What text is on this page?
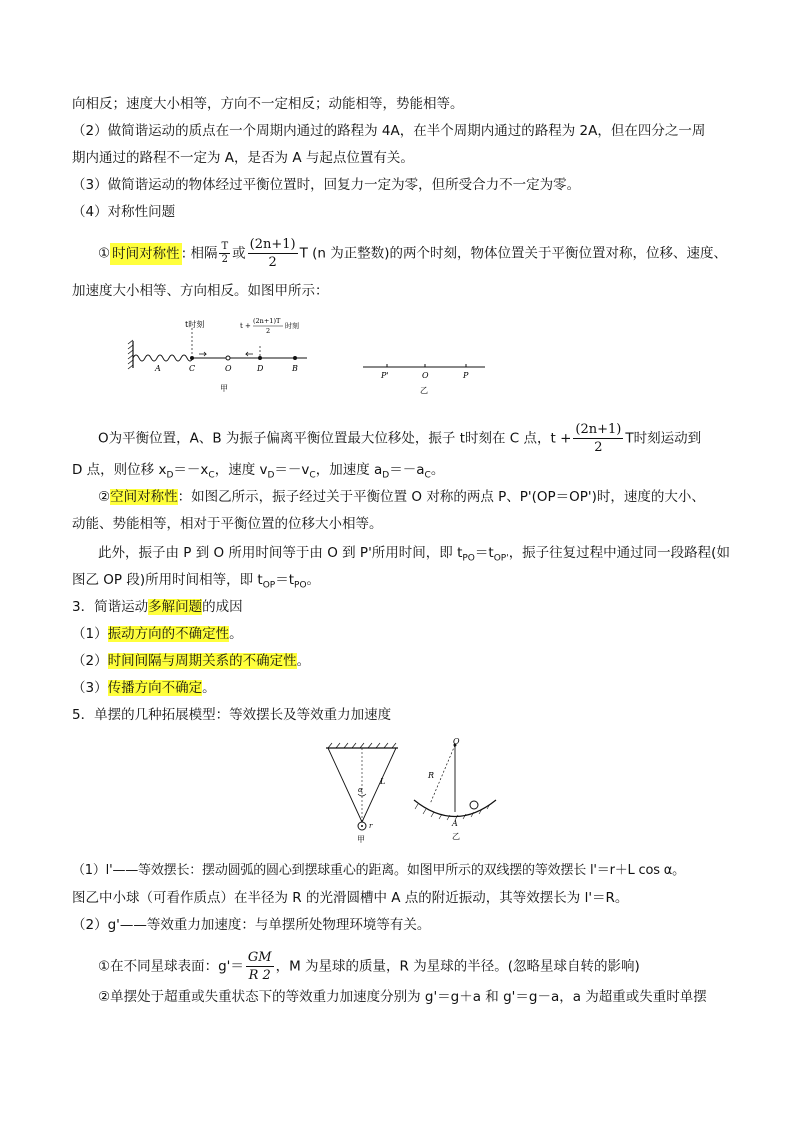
向相反；速度大小相等，方向不一定相反；动能相等，势能相等。
（2）做简谐运动的质点在一个周期内通过的路程为 4A，在半个周期内通过的路程为 2A，但在四分之一周
期内通过的路程不一定为 A，是否为 A 与起点位置有关。
（3）做简谐运动的物体经过平衡位置时，回复力一定为零，但所受合力不一定为零。
（4）对称性问题
① 时间对称性 : 相隔 $\frac{T}{2}$ 或 $\frac{(2n+1)}{2}$ T (n 为正整数)的两个时刻，物体位置关于平衡位置对称，位移、速度、
加速度大小相等、方向相反。如图甲所示：
A	C	O	D	B
t时刻	t +
(2n+1)T
2
时刻
甲
P'	O	P
乙
O为平衡位置，A、B 为振子偏离平衡位置最大位移处，振子 t时刻在 C 点，$t + \frac{(2n+1)}{2}$ T时刻运动到
D 点，则位移 $x_D=-x_C$，速度 $v_D=-v_C$，加速度 $a_D=-a_C$。
②空间对称性：如图乙所示，振子经过关于平衡位置 O 对称的两点 P、P'(OP＝OP')时，速度的大小、
动能、势能相等，相对于平衡位置的位移大小相等。
此外，振子由 P 到 O 所用时间等于由 O 到 P'所用时间，即 $t_{PO}=t_{OP'}$，振子往复过程中通过同一段路程(如
图乙 OP 段)所用时间相等，即 $t_{OP}=t_{PO}$。
3．简谐运动多解问题的成因
（1）振动方向的不确定性。
（2）时间间隔与周期关系的不确定性。
（3）传播方向不确定。
5．单摆的几种拓展模型：等效摆长及等效重力加速度
α
L
r
甲
O
R
A
乙
（1）l'——等效摆长：摆动圆弧的圆心到摆球重心的距离。如图甲所示的双线摆的等效摆长 l'＝r＋L cos α。
图乙中小球（可看作质点）在半径为 R 的光滑圆槽中 A 点的附近振动，其等效摆长为 l'＝R。
（2）g'——等效重力加速度：与单摆所处物理环境等有关。
①在不同星球表面：$g'= \frac{GM}{R 2}$ ，M 为星球的质量，R 为星球的半径。(忽略星球自转的影响)
②单摆处于超重或失重状态下的等效重力加速度分别为 g'＝g＋a 和 g'＝g－a，a 为超重或失重时单摆
